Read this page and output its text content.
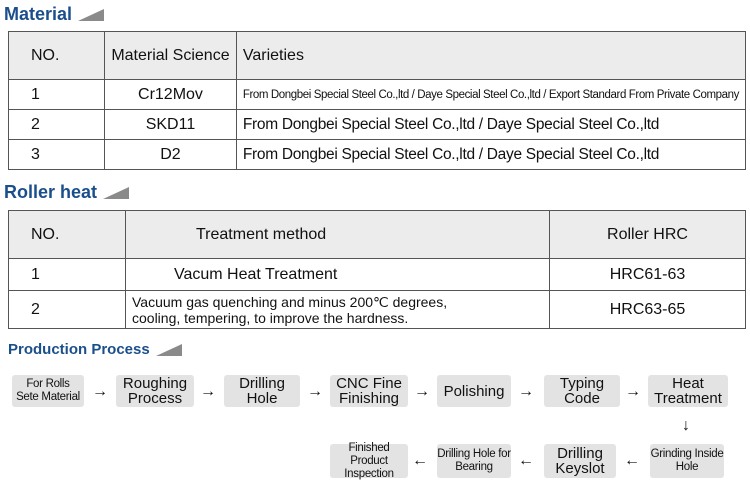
Material
NO.	Material Science	Varieties
1	Cr12Mov	From Dongbei Special Steel Co.,ltd / Daye Special Steel Co.,ltd / Export Standard From Private Company
2	SKD11	From Dongbei Special Steel Co.,ltd / Daye Special Steel Co.,ltd
3	D2	From Dongbei Special Steel Co.,ltd / Daye Special Steel Co.,ltd
Roller heat
NO.	Treatment method	Roller HRC
1	Vacum Heat Treatment	HRC61-63
2	Vacuum gas quenching and minus 200℃ degrees,
cooling, tempering, to improve the hardness.	HRC63-65
Production Process
For Rolls
Sete Material → Roughing
Process	→ Drilling
Hole	→ CNC Fine
Finishing → Polishing → Typing
Code →	Heat
Treatment
↓
Grinding Inside
Hole
←
Drilling
Keyslot
←
Drilling Hole for
Bearing
←
Finished Product
Inspection
